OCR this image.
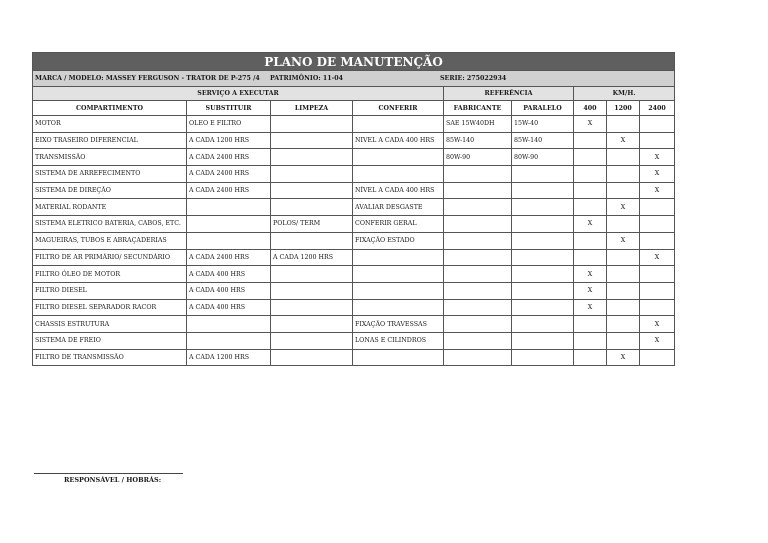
PLANO DE MANUTENÇÃO								
MARCA / MODELO: MASSEY FERGUSON - TRATOR DE P-275 /4 PATRIMÔNIO: 11-04 SERIE: 275022934								
SERVIÇO A EXECUTAR				REFERÊNCIA		KM/H.		
COMPARTIMENTO	SUBSTITUIR	LIMPEZA	CONFERIR	FABRICANTE	PARALELO	400	1200	2400
MOTOR	OLEO E FILTRO			SAE 15W40DH	15W-40	X		
EIXO TRASEIRO DIFERENCIAL	A CADA 1200 HRS		NIVEL A CADA 400 HRS	85W-140	85W-140		X	
TRANSMISSÃO	A CADA 2400 HRS			80W-90	80W-90			X
SISTEMA DE ARREFECIMENTO	A CADA 2400 HRS							X
SISTEMA DE DIREÇÃO	A CADA 2400 HRS		NÍVEL A CADA 400 HRS					X
MATERIAL RODANTE			AVALIAR DESGASTE				X	
SISTEMA ELETRICO BATERIA, CABOS, ETC.		POLOS/ TERM	CONFERIR GERAL			X		
MAGUEIRAS, TUBOS E ABRAÇADERIAS			FIXAÇÃO ESTADO				X	
FILTRO DE AR PRIMÁRIO/ SECUNDÁRIO	A CADA 2400 HRS	A CADA 1200 HRS						X
FILTRO ÓLEO DE MOTOR	A CADA 400 HRS					X		
FILTRO DIESEL	A CADA 400 HRS					X		
FILTRO DIESEL SEPARADOR RACOR	A CADA 400 HRS					X		
CHASSIS ESTRUTURA			FIXAÇÃO TRAVESSAS					X
SISTEMA DE FREIO			LONAS E CILINDROS					X
FILTRO DE TRANSMISSÃO	A CADA 1200 HRS						X	
RESPONSÁVEL / HOBRÁS:
